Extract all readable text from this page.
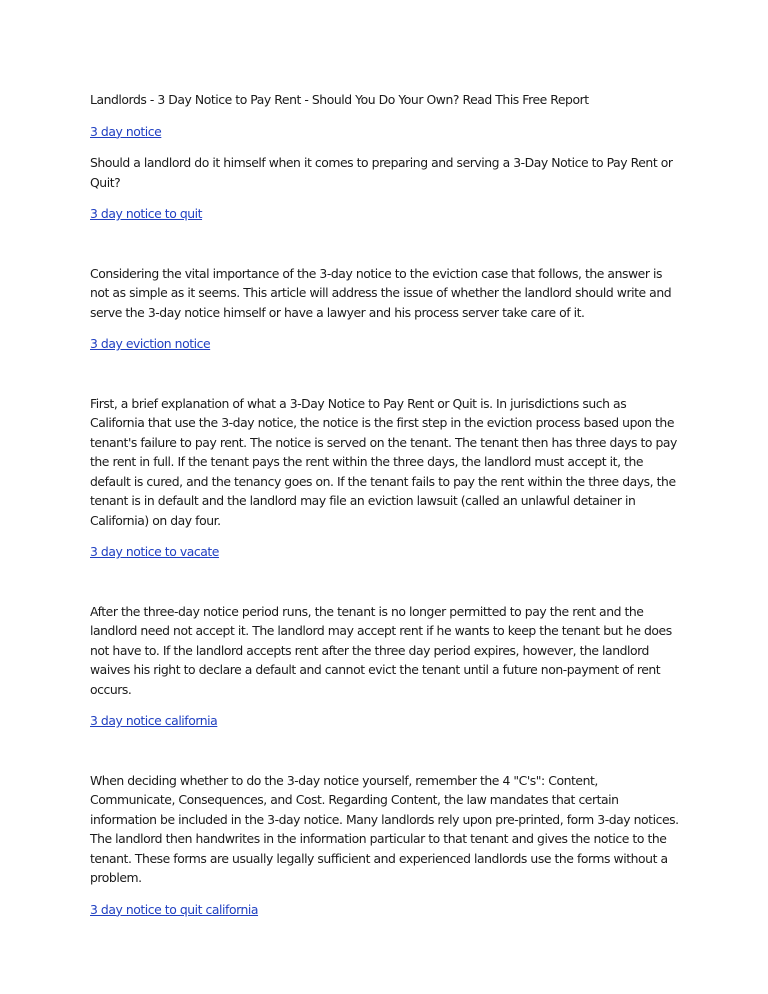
Landlords - 3 Day Notice to Pay Rent - Should You Do Your Own? Read This Free Report

3 day notice

Should a landlord do it himself when it comes to preparing and serving a 3-Day Notice to Pay Rent or Quit?

3 day notice to quit

Considering the vital importance of the 3-day notice to the eviction case that follows, the answer is not as simple as it seems. This article will address the issue of whether the landlord should write and serve the 3-day notice himself or have a lawyer and his process server take care of it.

3 day eviction notice

First, a brief explanation of what a 3-Day Notice to Pay Rent or Quit is. In jurisdictions such as California that use the 3-day notice, the notice is the first step in the eviction process based upon the tenant's failure to pay rent. The notice is served on the tenant. The tenant then has three days to pay the rent in full. If the tenant pays the rent within the three days, the landlord must accept it, the default is cured, and the tenancy goes on. If the tenant fails to pay the rent within the three days, the tenant is in default and the landlord may file an eviction lawsuit (called an unlawful detainer in California) on day four.

3 day notice to vacate

After the three-day notice period runs, the tenant is no longer permitted to pay the rent and the landlord need not accept it. The landlord may accept rent if he wants to keep the tenant but he does not have to. If the landlord accepts rent after the three day period expires, however, the landlord waives his right to declare a default and cannot evict the tenant until a future non-payment of rent occurs.

3 day notice california

When deciding whether to do the 3-day notice yourself, remember the 4 "C's": Content, Communicate, Consequences, and Cost. Regarding Content, the law mandates that certain information be included in the 3-day notice. Many landlords rely upon pre-printed, form 3-day notices. The landlord then handwrites in the information particular to that tenant and gives the notice to the tenant. These forms are usually legally sufficient and experienced landlords use the forms without a problem.

3 day notice to quit california
